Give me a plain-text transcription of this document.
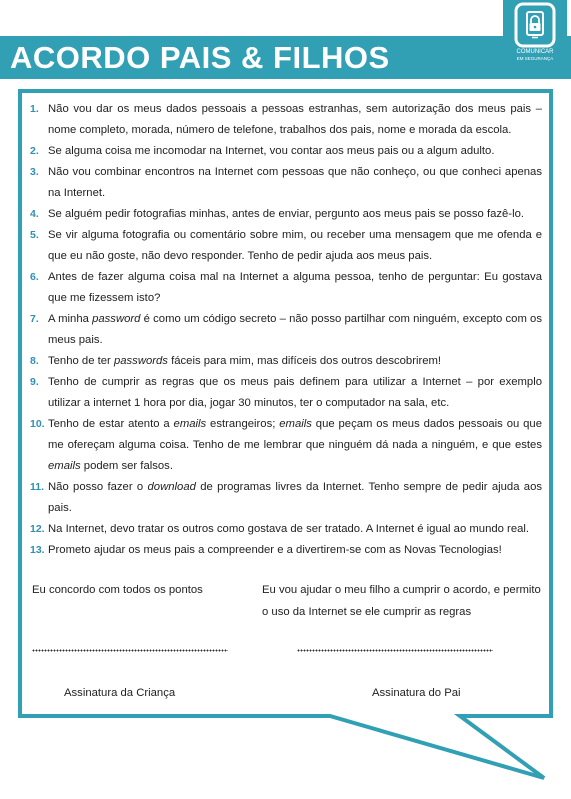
ACORDO PAIS & FILHOS	COMUNICAR
EM SEGURANÇA
1. Não vou dar os meus dados pessoais a pessoas estranhas, sem autorização dos meus pais – nome completo, morada, número de telefone, trabalhos dos pais, nome e morada da escola.
2. Se alguma coisa me incomodar na Internet, vou contar aos meus pais ou a algum adulto.
3. Não vou combinar encontros na Internet com pessoas que não conheço, ou que conheci apenas na Internet.
4. Se alguém pedir fotografias minhas, antes de enviar, pergunto aos meus pais se posso fazê-lo.
5. Se vir alguma fotografia ou comentário sobre mim, ou receber uma mensagem que me ofenda e que eu não goste, não devo responder. Tenho de pedir ajuda aos meus pais.
6. Antes de fazer alguma coisa mal na Internet a alguma pessoa, tenho de perguntar: Eu gostava que me fizessem isto?
7. A minha password é como um código secreto – não posso partilhar com ninguém, excepto com os meus pais.
8. Tenho de ter passwords fáceis para mim, mas difíceis dos outros descobrirem!
9. Tenho de cumprir as regras que os meus pais definem para utilizar a Internet – por exemplo utilizar a internet 1 hora por dia, jogar 30 minutos, ter o computador na sala, etc.
10. Tenho de estar atento a emails estrangeiros; emails que peçam os meus dados pessoais ou que me ofereçam alguma coisa. Tenho de me lembrar que ninguém dá nada a ninguém, e que estes emails podem ser falsos.
11. Não posso fazer o download de programas livres da Internet. Tenho sempre de pedir ajuda aos pais.
12. Na Internet, devo tratar os outros como gostava de ser tratado. A Internet é igual ao mundo real.
13. Prometo ajudar os meus pais a compreender e a divertirem-se com as Novas Tecnologias!
Eu concordo com todos os pontos	Eu vou ajudar o meu filho a cumprir o acordo, e permito o uso da Internet se ele cumprir as regras
Assinatura da Criança	Assinatura do Pai
